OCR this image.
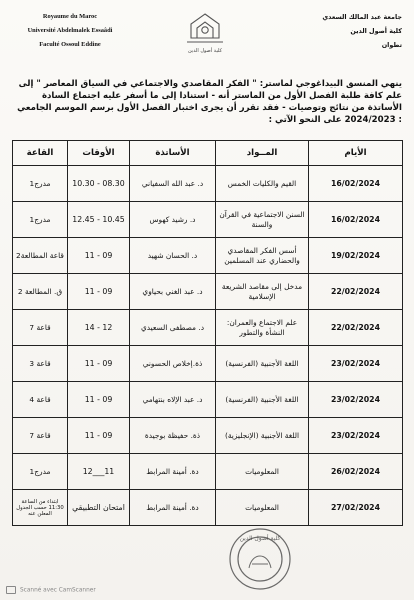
Royaume du Maroc
Université Abdelmalek Essaâdi
Faculté Ossoul Eddine
كلية أصول الدين
جامعة عبد المالك السعدي
كلية أصول الدين
تطوان
ينهي المنسق البيداغوجي لماستر: " الفكر المقاصدي والاجتماعي في السياق المعاصر " إلى علم كافة طلبة الفصل الأول من الماستر أنه - استنادا إلى ما أسفر عليه اجتماع السادة الأساتذة من نتائج وتوصيات - فقد تقرر أن يجرى اختبار الفصل الأول برسم الموسم الجامعي : 2024/2023 على النحو الآتي :
الأيام	المــواد	الأساتذة	الأوقات	القاعة
16/02/2024	القيم والكليات الخمس	د. عبد الله السفياني	08.30 - 10.30	مدرج1
16/02/2024	السنن الاجتماعية في القرآن والسنة	د. رشيد كهوس	10.45 - 12.45	مدرج1
19/02/2024	أسس الفكر المقاصدي والحضاري عند المسلمين	د. الحسان شهيد	09 - 11	قاعة المطالعة2
22/02/2024	مدخل إلى مقاصد الشريعة الإسلامية	د. عبد الغني بحياوي	09 - 11	ق. المطالعة 2
22/02/2024	علم الاجتماع والعمران: النشأة والتطور	د. مصطفى السعيدي	12 - 14	قاعة 7
23/02/2024	اللغة الأجنبية (الفرنسية)	ذة.إخلاص الحسوني	09 - 11	قاعة 3
23/02/2024	اللغة الأجنبية (الفرنسية)	د. عبد الإلاه بنتهامي	09 - 11	قاعة 4
23/02/2024	اللغة الأجنبية (الإنجليزية)	ذة. حفيظة بوجيدة	09 - 11	قاعة 7
26/02/2024	المعلوميات	دة. أمينة المرابط	11___12	مدرج1
27/02/2024	المعلوميات	دة. أمينة المرابط	امتحان التطبيقي	ابتداء من الساعة 11:30 حسب الجدول المعلن عنه
كلية أصول الدين
Scanné avec CamScanner
